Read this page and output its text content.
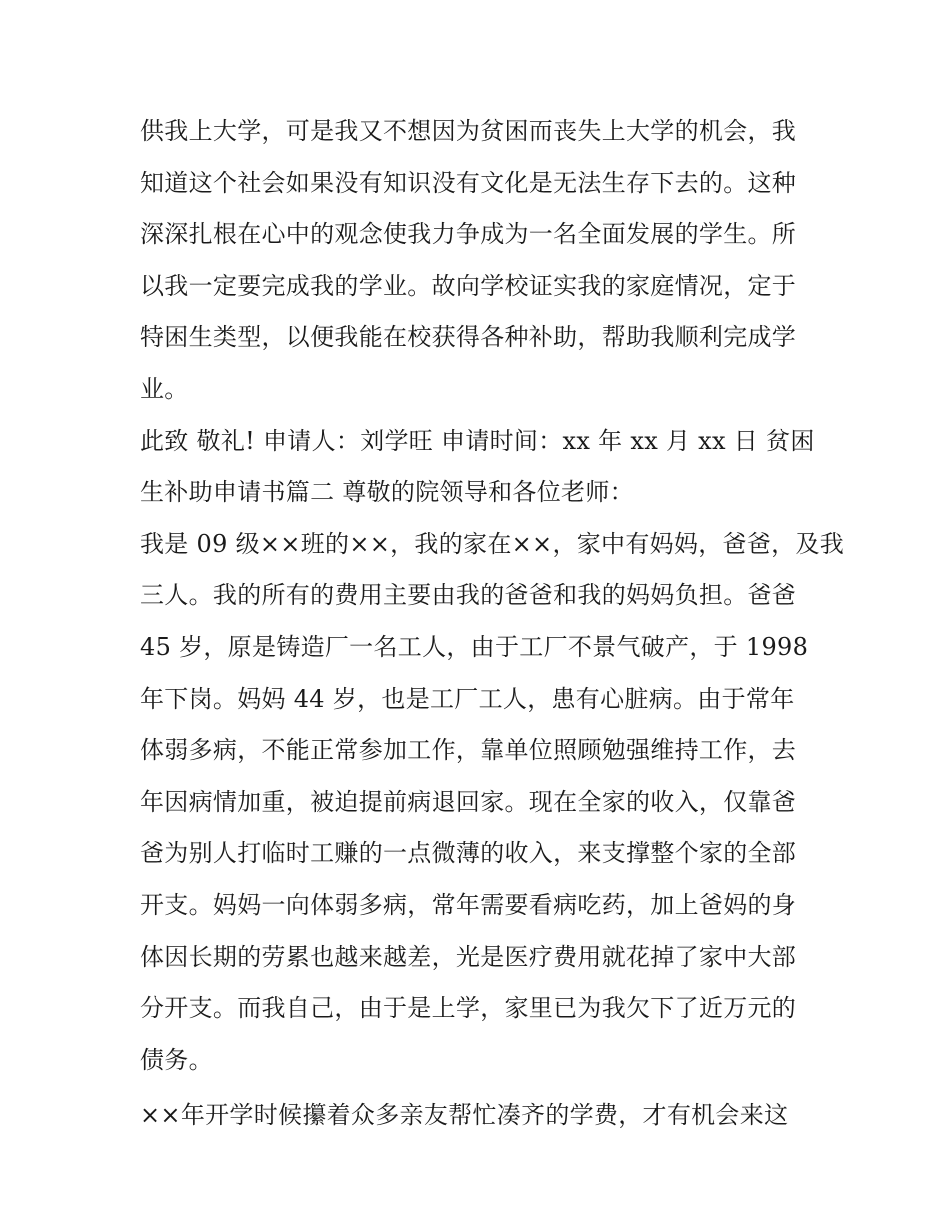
供我上大学，可是我又不想因为贫困而丧失上大学的机会，我
知道这个社会如果没有知识没有文化是无法生存下去的。这种
深深扎根在心中的观念使我力争成为一名全面发展的学生。所
以我一定要完成我的学业。故向学校证实我的家庭情况，定于
特困生类型，以便我能在校获得各种补助，帮助我顺利完成学
业。
此致 敬礼! 申请人：刘学旺 申请时间：xx 年 xx 月 xx 日 贫困
生补助申请书篇二 尊敬的院领导和各位老师：
我是 09 级××班的××，我的家在××，家中有妈妈，爸爸，及我
三人。我的所有的费用主要由我的爸爸和我的妈妈负担。爸爸
45 岁，原是铸造厂一名工人，由于工厂不景气破产，于 1998
年下岗。妈妈 44 岁，也是工厂工人，患有心脏病。由于常年
体弱多病，不能正常参加工作，靠单位照顾勉强维持工作，去
年因病情加重，被迫提前病退回家。现在全家的收入，仅靠爸
爸为别人打临时工赚的一点微薄的收入，来支撑整个家的全部
开支。妈妈一向体弱多病，常年需要看病吃药，加上爸妈的身
体因长期的劳累也越来越差，光是医疗费用就花掉了家中大部
分开支。而我自己，由于是上学，家里已为我欠下了近万元的
债务。
××年开学时候攥着众多亲友帮忙凑齐的学费，才有机会来这
